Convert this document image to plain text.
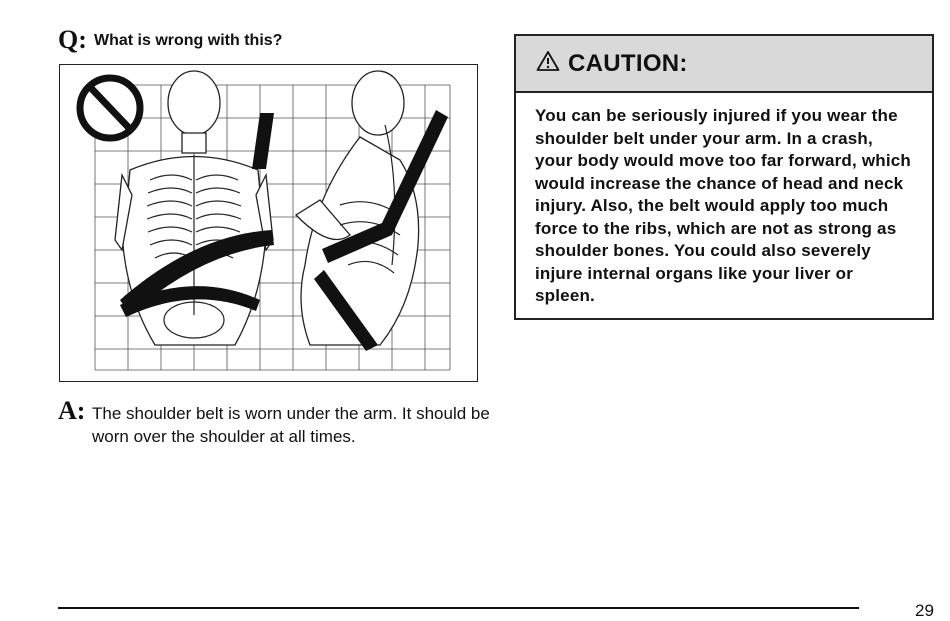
Q: What is wrong with this?
A: The shoulder belt is worn under the arm. It should be worn over the shoulder at all times.
CAUTION:
You can be seriously injured if you wear the shoulder belt under your arm. In a crash, your body would move too far forward, which would increase the chance of head and neck injury. Also, the belt would apply too much force to the ribs, which are not as strong as shoulder bones. You could also severely injure internal organs like your liver or spleen.
29
